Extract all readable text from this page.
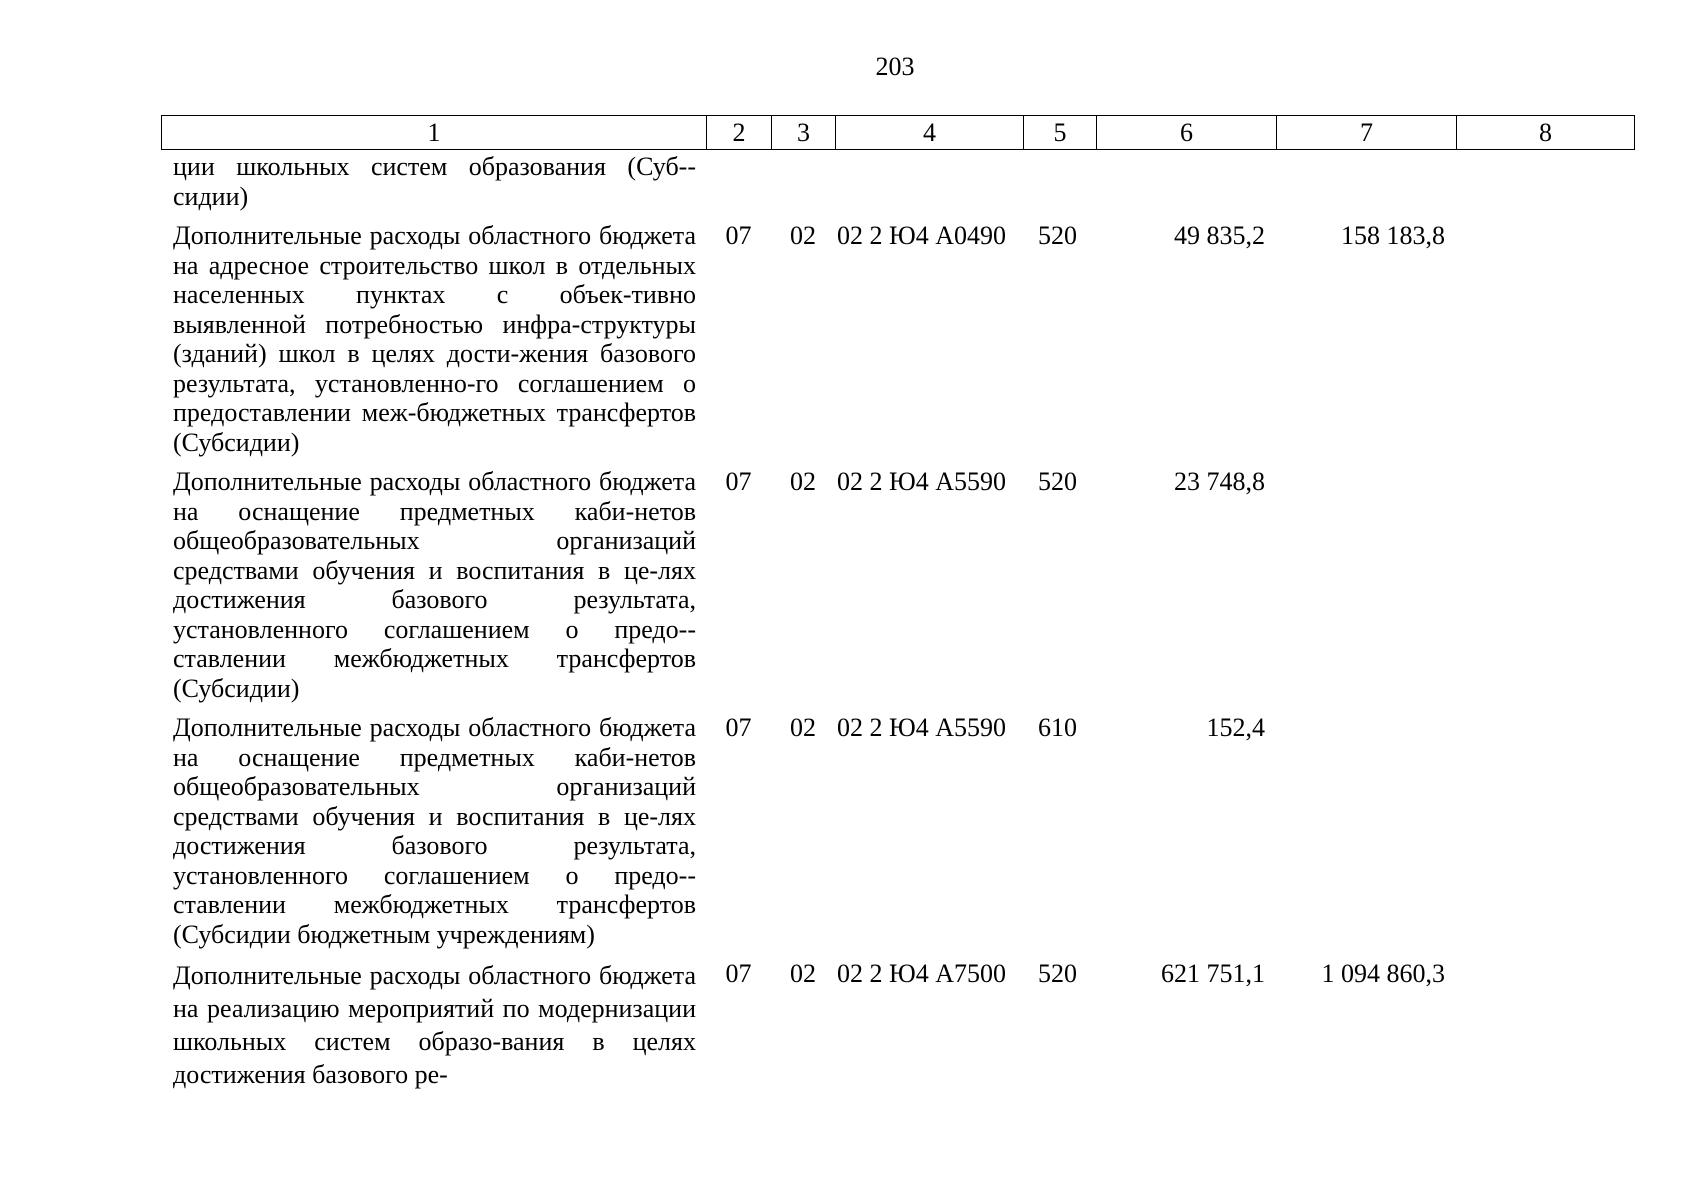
203
1	2	3	4	5	6	7	8
ции школьных систем образования (Суб-сидии)							
Дополнительные расходы областного бюджета на адресное строительство школ в отдельных населенных пунктах с объек-тивно выявленной потребностью инфра-структуры (зданий) школ в целях дости-жения базового результата, установленно-го соглашением о предоставлении меж-бюджетных трансфертов (Субсидии)	07	02	02 2 Ю4 А0490	520	49 835,2	158 183,8	
Дополнительные расходы областного бюджета на оснащение предметных каби-нетов общеобразовательных организаций средствами обучения и воспитания в це-лях достижения базового результата, установленного соглашением о предо-ставлении межбюджетных трансфертов (Субсидии)	07	02	02 2 Ю4 А5590	520	23 748,8		
Дополнительные расходы областного бюджета на оснащение предметных каби-нетов общеобразовательных организаций средствами обучения и воспитания в це-лях достижения базового результата, установленного соглашением о предо-ставлении межбюджетных трансфертов (Субсидии бюджетным учреждениям)	07	02	02 2 Ю4 А5590	610	152,4		
Дополнительные расходы областного бюджета на реализацию мероприятий по модернизации школьных систем образо-вания в целях достижения базового ре-	07	02	02 2 Ю4 А7500	520	621 751,1	1 094 860,3	
